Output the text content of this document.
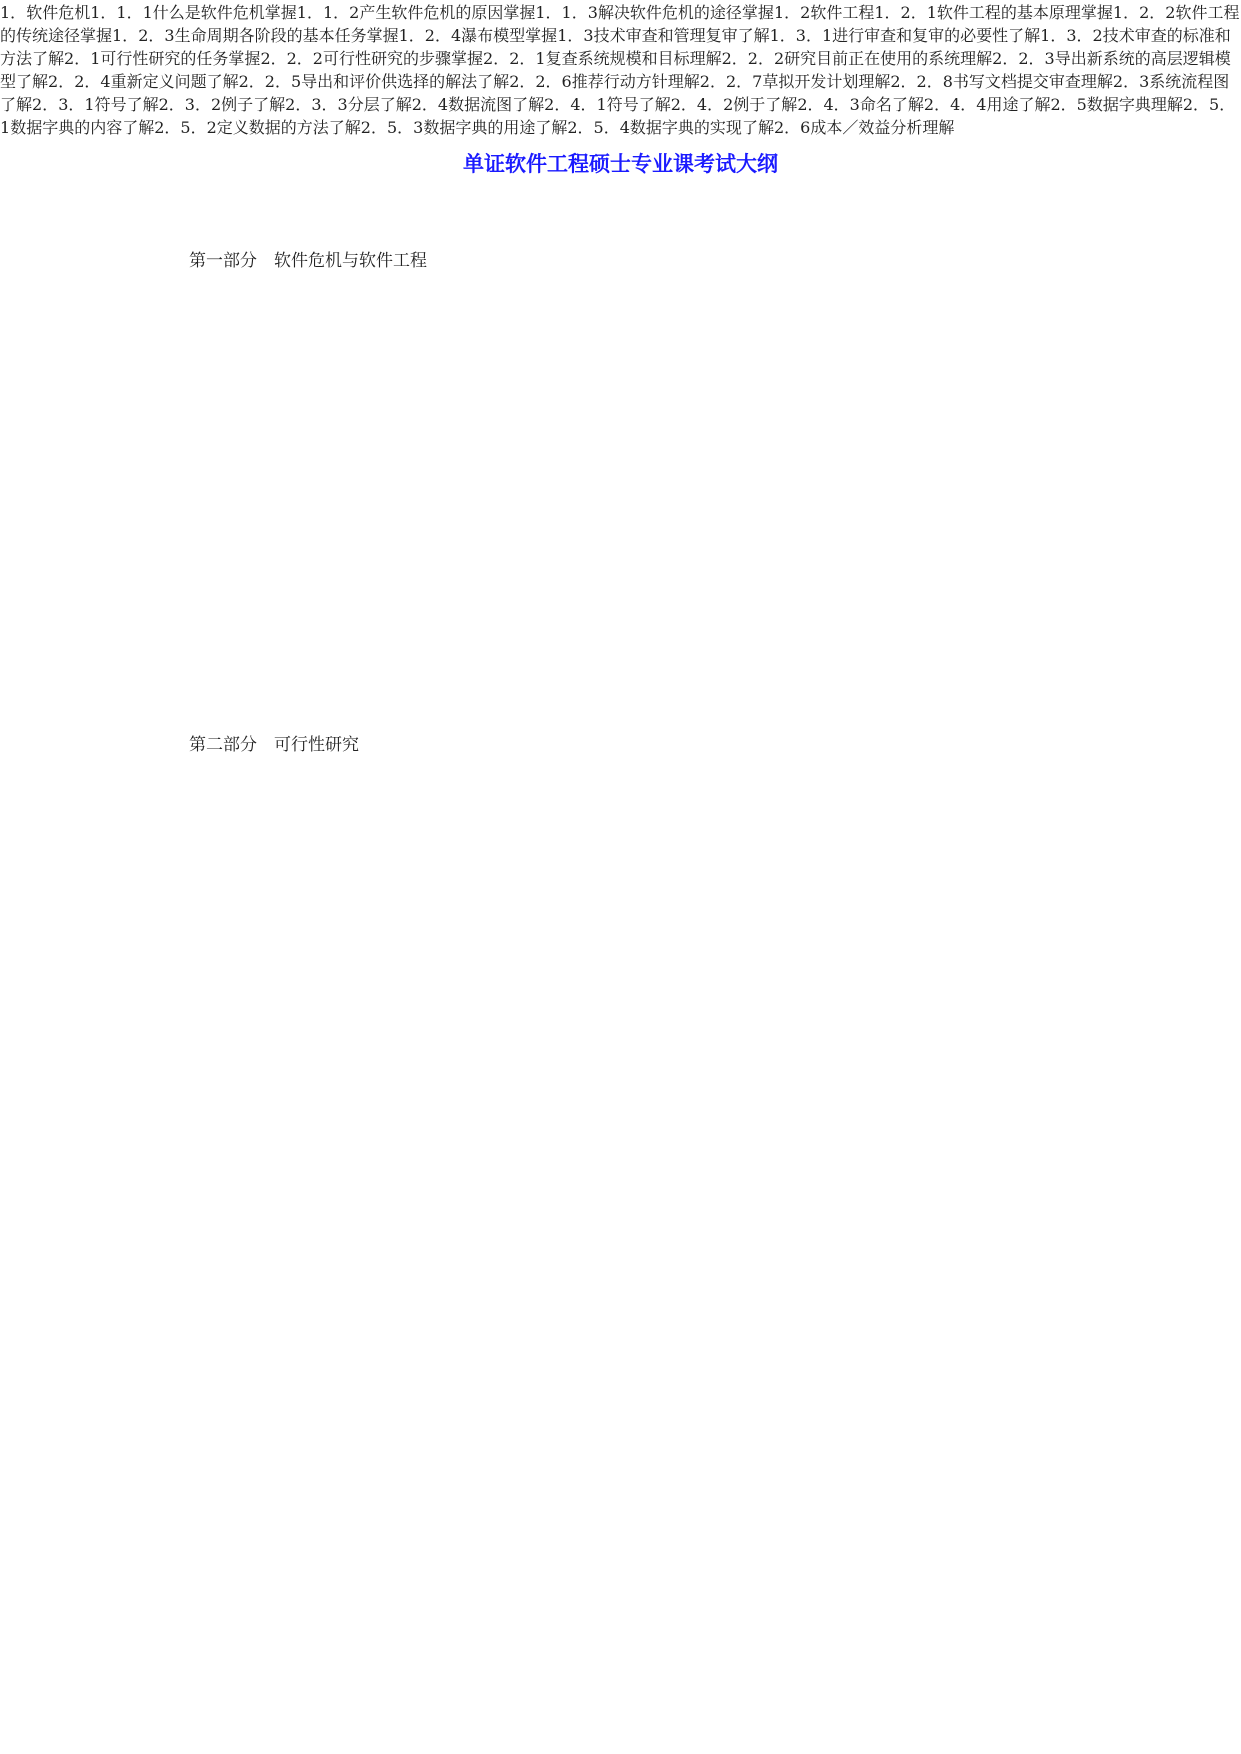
单证软件工程硕士专业课考试大纲
第一部分　软件危机与软件工程
1．软件危机1．1．1什么是软件危机掌握1．1．2产生软件危机的原因掌握1．1．3解决软件危机的途径掌握1．2软件工程1．2．1软件工程的基本原理掌握1．2．2软件工程的传统途径掌握1．2．3生命周期各阶段的基本任务掌握1．2．4瀑布模型掌握1．3技术审查和管理复审了解1．3．1进行审查和复审的必要性了解1．3．2技术审查的标准和方法了解
第二部分　可行性研究
2．1可行性研究的任务掌握2．2．2可行性研究的步骤掌握2．2．1复查系统规模和目标理解2．2．2研究目前正在使用的系统理解2．2．3导出新系统的高层逻辑模型了解2．2．4重新定义问题了解2．2．5导出和评价供选择的解法了解2．2．6推荐行动方针理解2．2．7草拟开发计划理解2．2．8书写文档提交审查理解2．3系统流程图了解2．3．1符号了解2．3．2例子了解2．3．3分层了解2．4数据流图了解2．4．1符号了解2．4．2例于了解2．4．3命名了解2．4．4用途了解2．5数据字典理解2．5．1数据字典的内容了解2．5．2定义数据的方法了解2．5．3数据字典的用途了解2．5．4数据字典的实现了解2．6成本／效益分析理解
